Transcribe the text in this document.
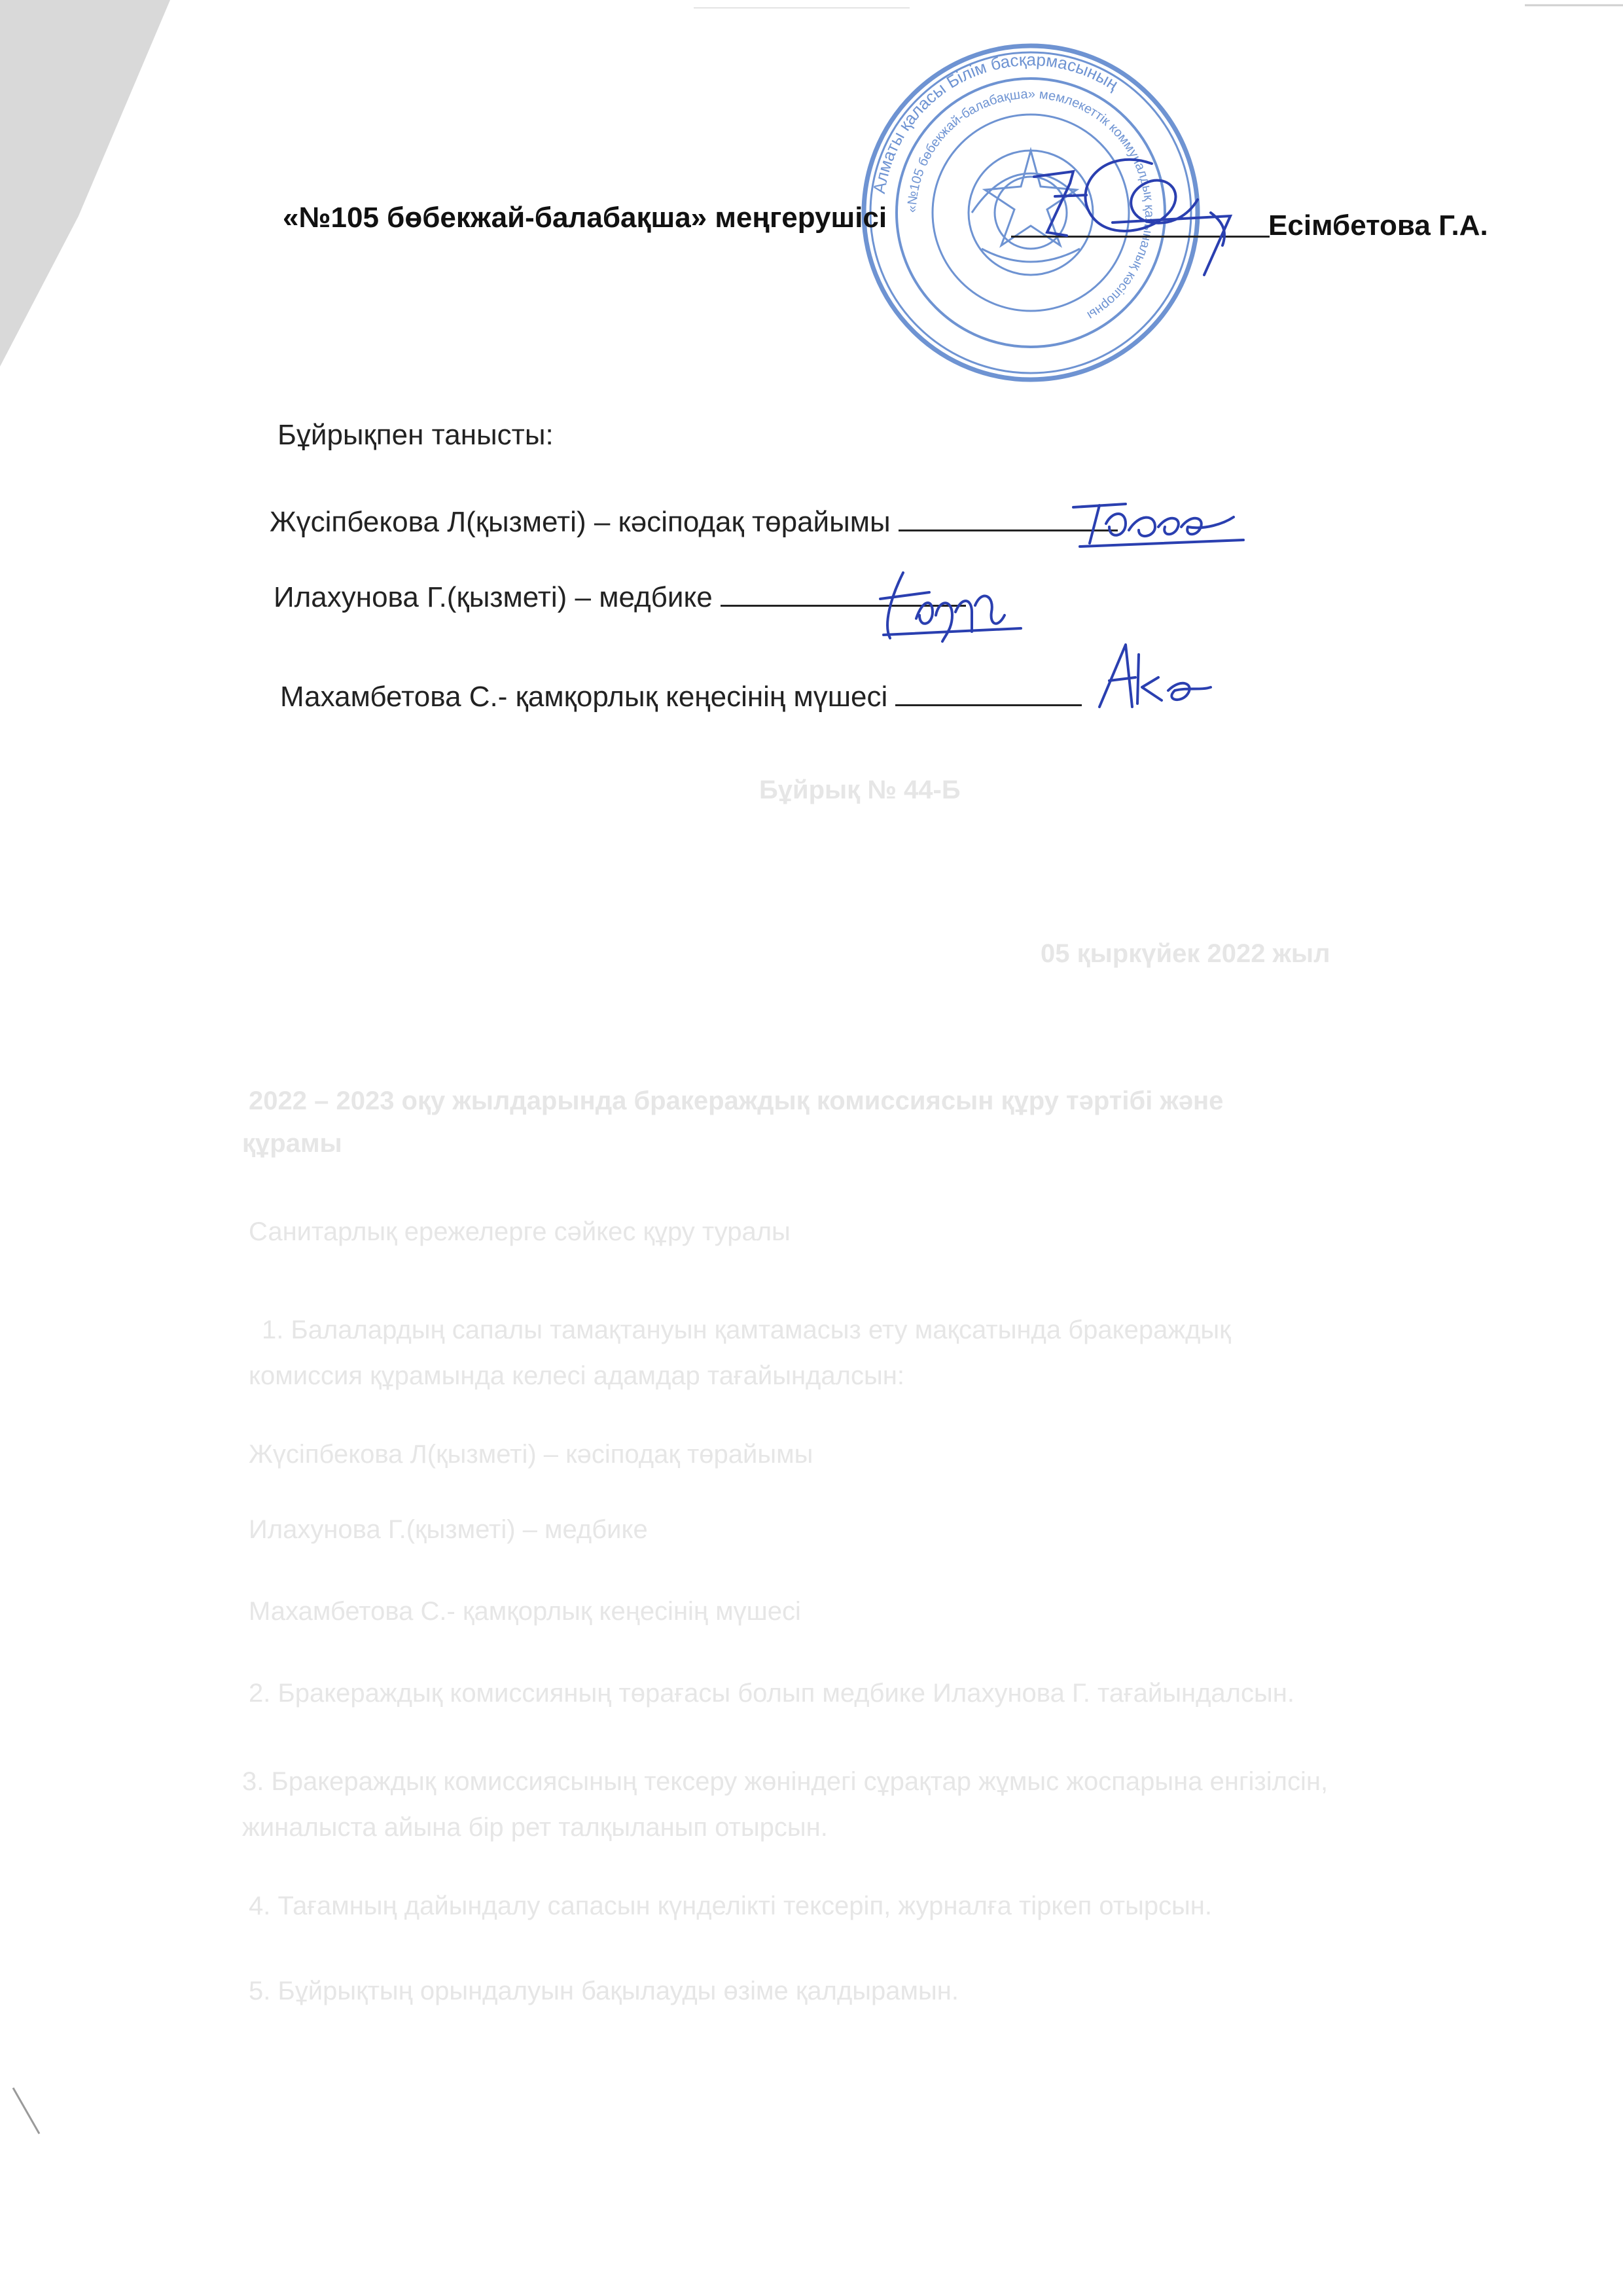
Бұйрық № 44-Б
05 қыркүйек 2022 жыл
2022 – 2023 оқу жылдарында бракераждық комиссиясын құру тәртібі және
құрамы
Санитарлық ережелерге сәйкес құру туралы
1. Балалардың сапалы тамақтануын қамтамасыз ету мақсатында бракераждық
комиссия құрамында келесі адамдар тағайындалсын:
Жүсіпбекова Л(қызметі) – кәсіподақ төрайымы
Илахунова Г.(қызметі) – медбике
Махамбетова С.- қамқорлық кеңесінің мүшесі
2. Бракераждық комиссияның төрағасы болып медбике Илахунова Г. тағайындалсын.
3. Бракераждық комиссиясының тексеру жөніндегі сұрақтар жұмыс жоспарына енгізілсін,
жиналыста айына бір рет талқыланып отырсын.
4. Тағамның дайындалу сапасын күнделікті тексеріп, журналға тіркеп отырсын.
5. Бұйрықтың орындалуын бақылауды өзіме қалдырамын.
Алматы қаласы Білім басқармасының
«№105 бөбекжай-балабақша» мемлекеттік коммуналдық қазыналық кәсіпорны
«№105 бөбекжай-балабақша» меңгерушісі	Есімбетова Г.А.
Бұйрықпен танысты:
Жүсіпбекова Л(қызметі) – кәсіподақ төрайымы
Илахунова Г.(қызметі) – медбике
Махамбетова С.- қамқорлық кеңесінің мүшесі
